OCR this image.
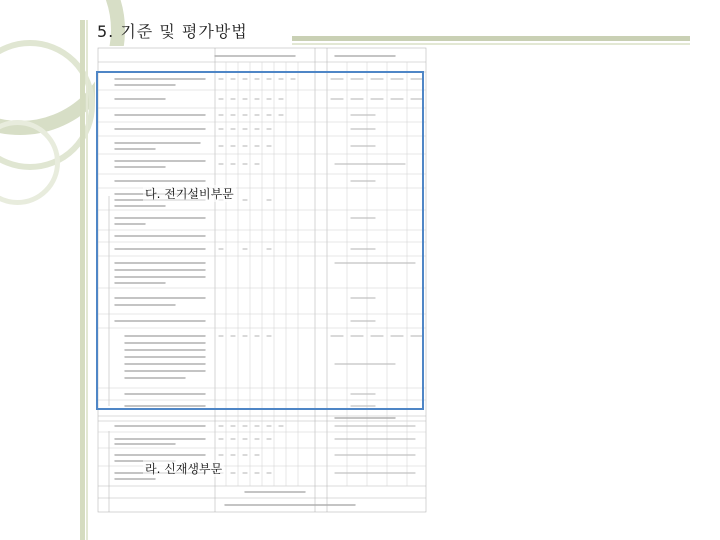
5. 기준 및 평가방법
다. 전기설비부문
라. 신재생부문
